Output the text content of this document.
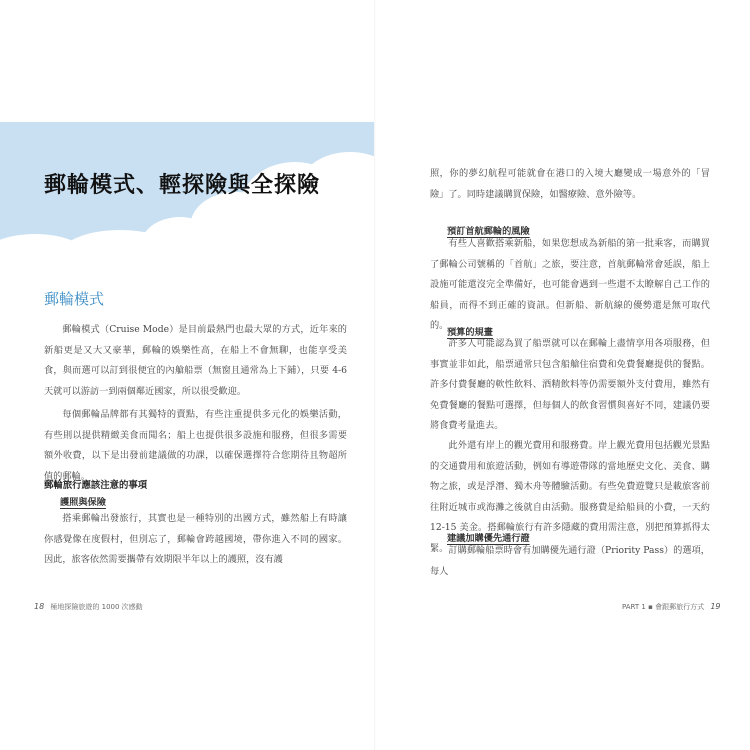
郵輪模式、輕探險與全探險
郵輪模式
郵輪模式（Cruise Mode）是目前最熱門也最大眾的方式，近年來的新船更是又大又豪華，郵輪的娛樂性高，在船上不會無聊，也能享受美食，與而選可以訂到很便宜的內艙船票（無窗且通常為上下鋪），只要 4-6 天就可以游訪一到兩個鄰近國家，所以很受歡迎。
每個郵輪品牌都有其獨特的賣點，有些注重提供多元化的娛樂活動，有些則以提供精緻美食而聞名；船上也提供很多設施和服務，但很多需要額外收費，以下是出發前建議做的功課，以確保選擇符合您期待且物超所值的郵輪。
郵輪旅行應該注意的事項
護照與保險
搭乘郵輪出發旅行，其實也是一種特別的出國方式，雖然船上有時讓你感覺像在度假村，但別忘了，郵輪會跨越國境，帶你進入不同的國家。因此，旅客依然需要攜帶有效期限半年以上的護照，沒有護
18 極地探險旅遊的 1000 次感動
照，你的夢幻航程可能就會在港口的入境大廳變成一場意外的「冒險」了。同時建議購買保險，如醫療險、意外險等。
預訂首航郵輪的風險
有些人喜歡搭乘新船，如果您想成為新船的第一批乘客，而購買了郵輪公司號稱的「首航」之旅，要注意，首航郵輪常會延誤，船上設施可能還沒完全準備好，也可能會遇到一些還不太瞭解自己工作的船員，而得不到正確的資訊。但新船、新航線的優勢還是無可取代的。
預算的規畫
許多人可能認為買了船票就可以在郵輪上盡情享用各項服務，但事實並非如此，船票通常只包含船艙住宿費和免費餐廳提供的餐點。許多付費餐廳的軟性飲料、酒精飲料等仍需要額外支付費用，雖然有免費餐廳的餐點可選擇，但每個人的飲食習慣與喜好不同，建議仍要將食費考量進去。
此外還有岸上的觀光費用和服務費。岸上觀光費用包括觀光景點的交通費用和旅遊活動，例如有導遊帶隊的當地歷史文化、美食、購物之旅，或是浮潛、獨木舟等體驗活動。有些免費遊覽只是載旅客前往附近城市或海灘之後就自由活動。服務費是給船員的小費，一天約 12-15 美金。搭郵輪旅行有許多隱藏的費用需注意，別把預算抓得太緊。
建議加購優先通行證
訂購郵輪船票時會有加購優先通行證（Priority Pass）的選項，每人
PART 1 ▪ 會跟郵旅行方式 19
